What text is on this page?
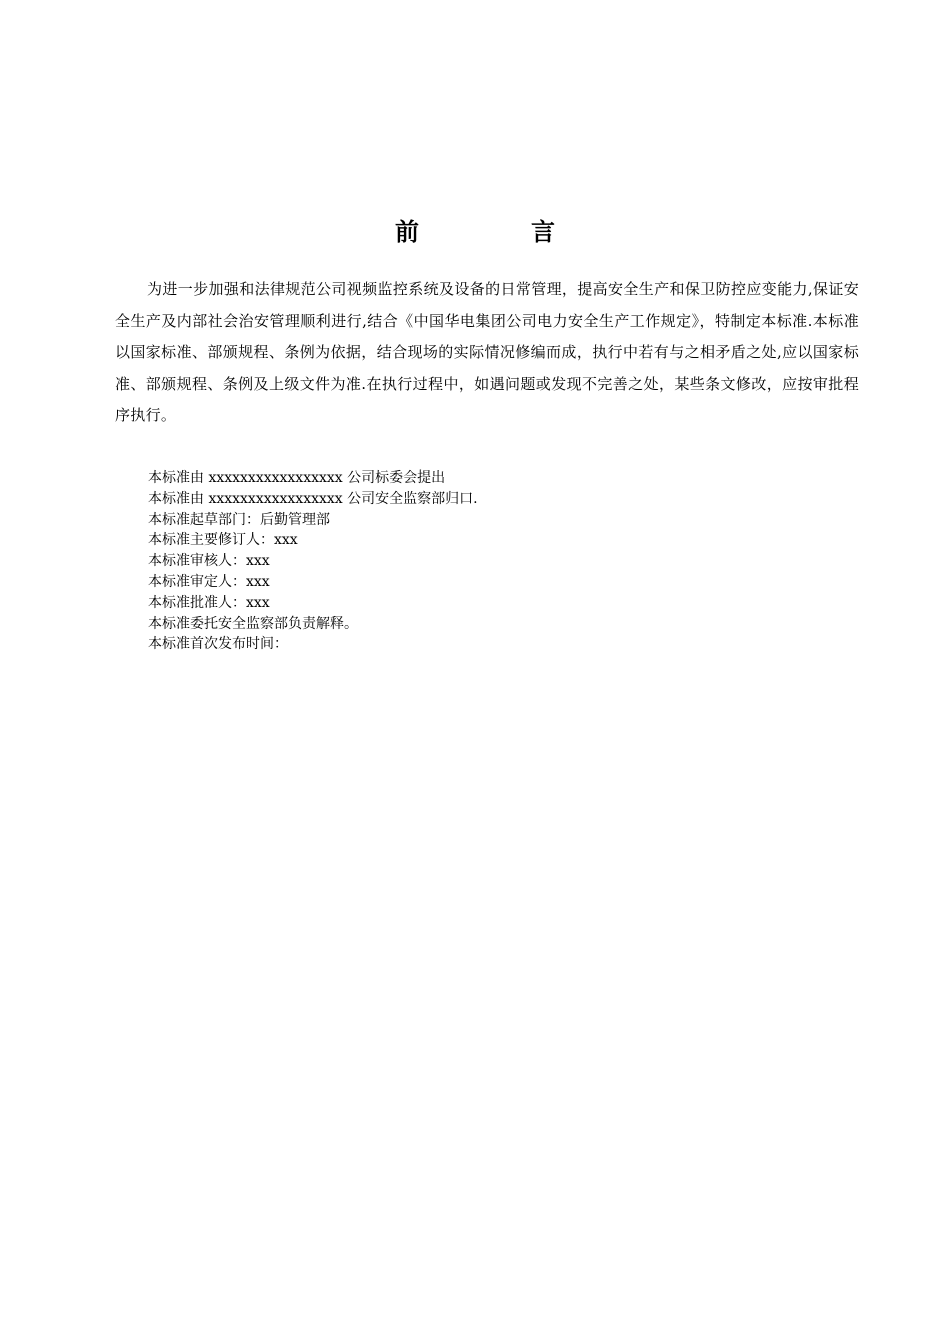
前　言

为进一步加强和法律规范公司视频监控系统及设备的日常管理，提高安全生产和保卫防控应变能力,保证安全生产及内部社会治安管理顺利进行,结合《中国华电集团公司电力安全生产工作规定》，特制定本标准.本标准以国家标准、部颁规程、条例为依据，结合现场的实际情况修编而成，执行中若有与之相矛盾之处,应以国家标准、部颁规程、条例及上级文件为准.在执行过程中，如遇问题或发现不完善之处，某些条文修改，应按审批程序执行。

本标准由 xxxxxxxxxxxxxxxxx 公司标委会提出
本标准由 xxxxxxxxxxxxxxxxx 公司安全监察部归口.
本标准起草部门：后勤管理部
本标准主要修订人：xxx
本标准审核人：xxx
本标准审定人：xxx
本标准批准人：xxx
本标准委托安全监察部负责解释。
本标准首次发布时间：
